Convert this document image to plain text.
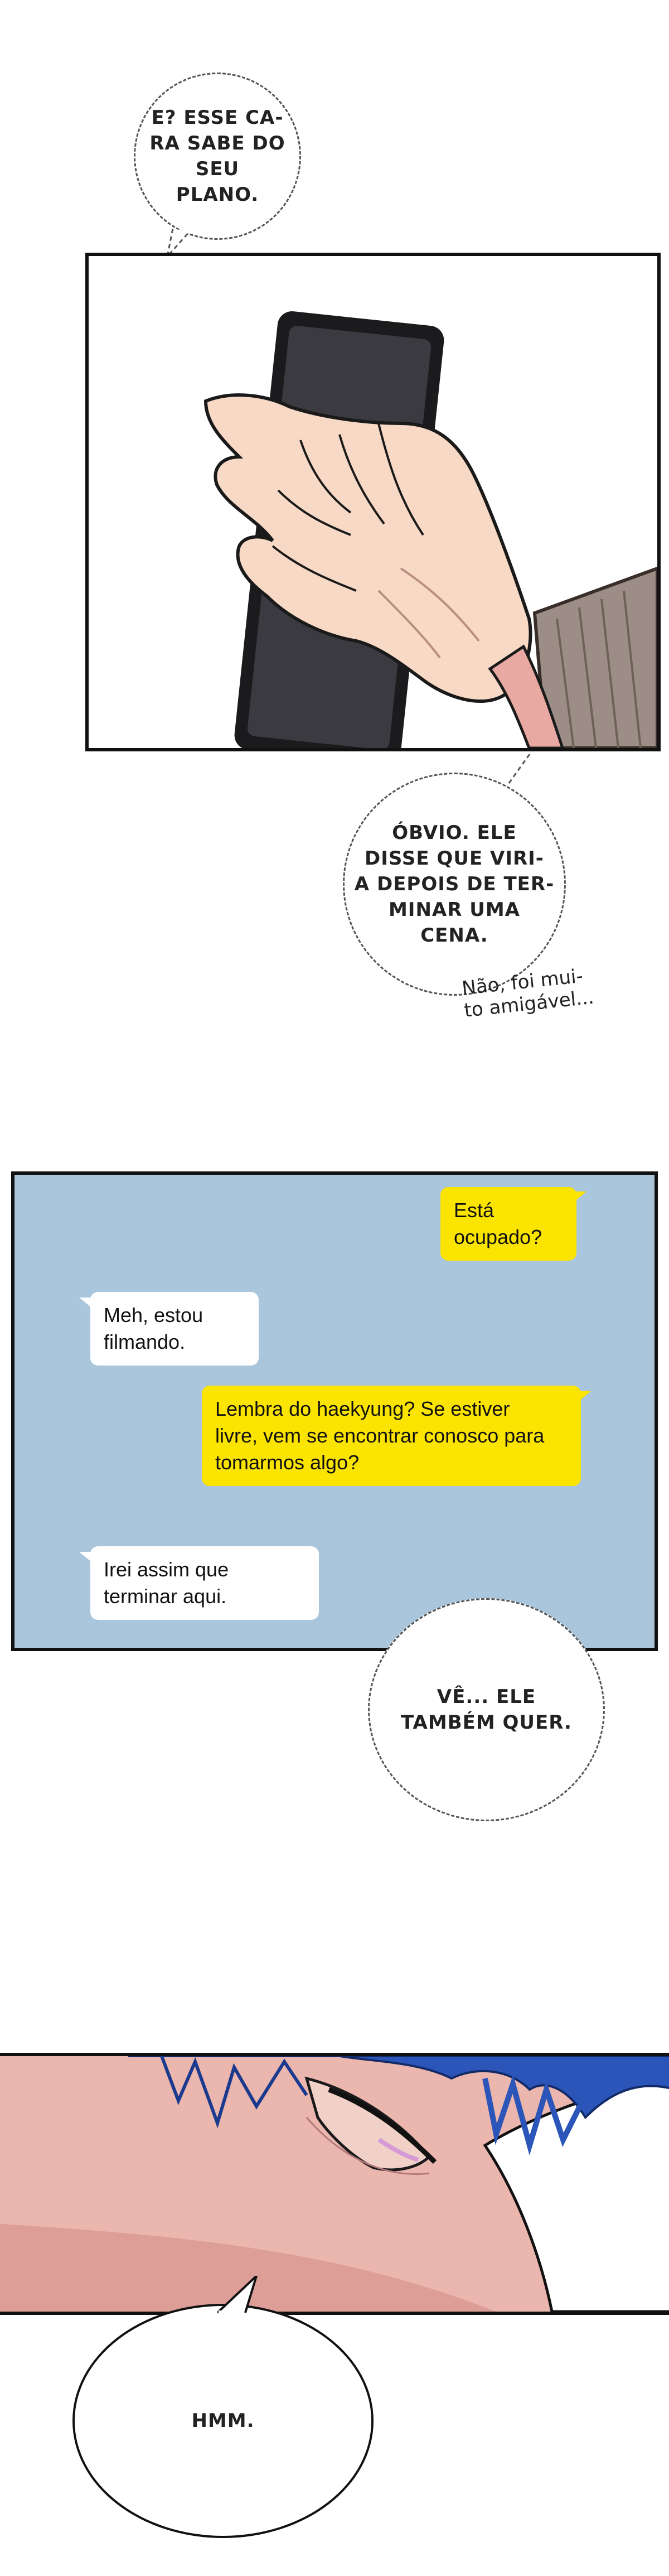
E? ESSE CA-
RA SABE DO SEU
PLANO.
ÓBVIO. ELE
DISSE QUE VIRI-
A DEPOIS DE TER-
MINAR UMA
CENA.
Não, foi mui-
to amigável...
Está
ocupado?
Meh, estou
filmando.
Lembra do haekyung? Se estiver
livre, vem se encontrar conosco para
tomarmos algo?
Irei assim que
terminar aqui.
VÊ... ELE
TAMBÉM QUER.
HMM.
